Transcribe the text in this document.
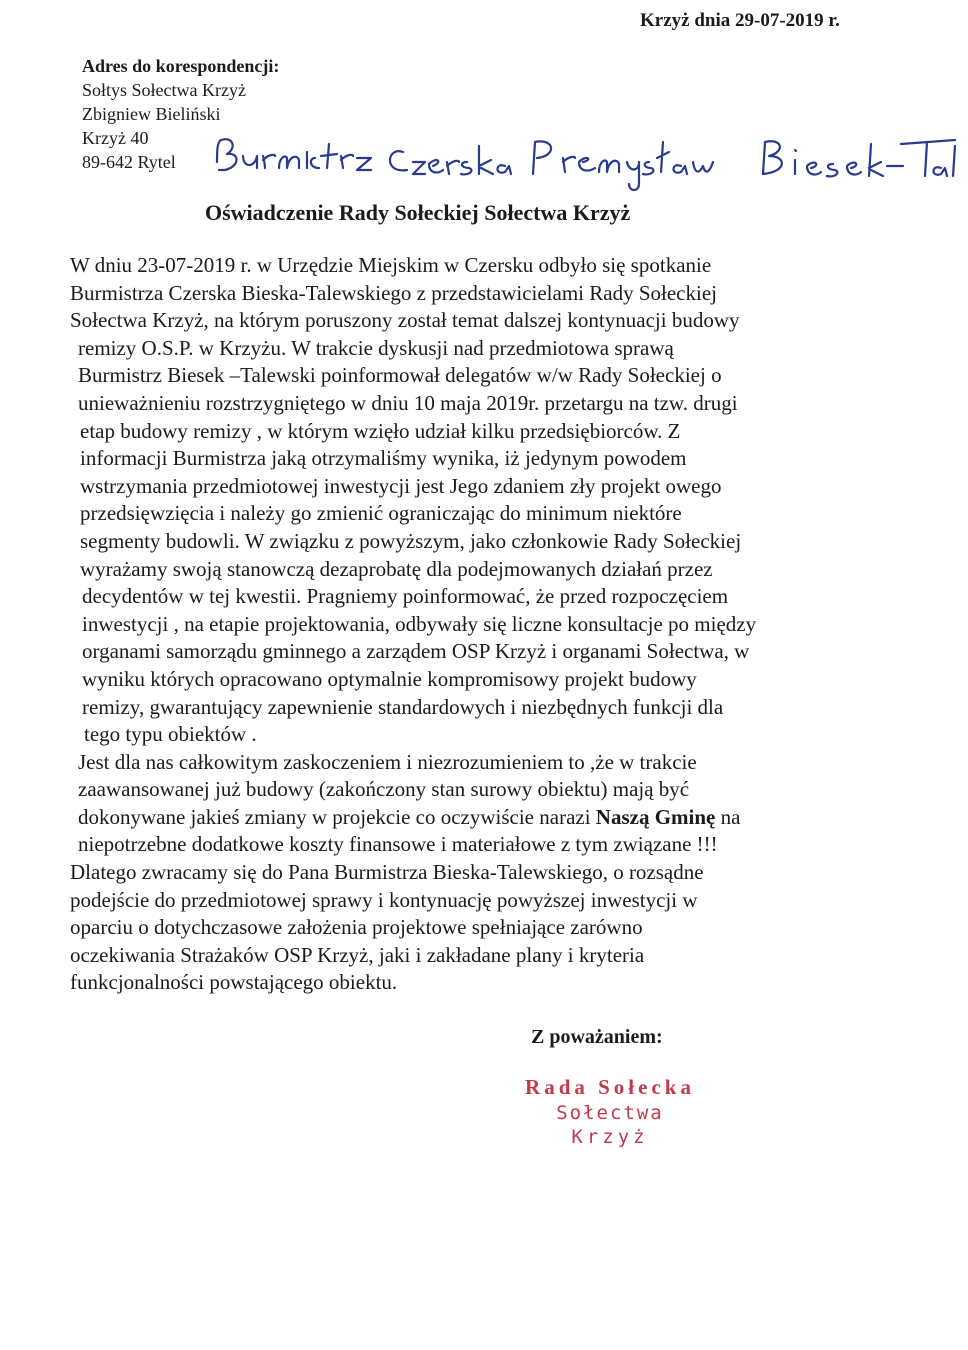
Krzyż dnia 29-07-2019 r.
Adres do korespondencji:
Sołtys Sołectwa Krzyż
Zbigniew Bieliński
Krzyż 40
89-642 Rytel
Oświadczenie Rady Sołeckiej Sołectwa Krzyż
W dniu 23-07-2019 r. w Urzędzie Miejskim w Czersku odbyło się spotkanie
Burmistrza Czerska Bieska-Talewskiego z przedstawicielami Rady Sołeckiej
Sołectwa Krzyż, na którym poruszony został temat dalszej kontynuacji budowy
remizy O.S.P. w Krzyżu. W trakcie dyskusji nad przedmiotowa sprawą
Burmistrz Biesek –Talewski poinformował delegatów w/w Rady Sołeckiej o
unieważnieniu rozstrzygniętego w dniu 10 maja 2019r. przetargu na tzw. drugi
etap budowy remizy , w którym wzięło udział kilku przedsiębiorców. Z
informacji Burmistrza jaką otrzymaliśmy wynika, iż jedynym powodem
wstrzymania przedmiotowej inwestycji jest Jego zdaniem zły projekt owego
przedsięwzięcia i należy go zmienić ograniczając do minimum niektóre
segmenty budowli. W związku z powyższym, jako członkowie Rady Sołeckiej
wyrażamy swoją stanowczą dezaprobatę dla podejmowanych działań przez
decydentów w tej kwestii. Pragniemy poinformować, że przed rozpoczęciem
inwestycji , na etapie projektowania, odbywały się liczne konsultacje po między
organami samorządu gminnego a zarządem OSP Krzyż i organami Sołectwa, w
wyniku których opracowano optymalnie kompromisowy projekt budowy
remizy, gwarantujący zapewnienie standardowych i niezbędnych funkcji dla
tego typu obiektów .
Jest dla nas całkowitym zaskoczeniem i niezrozumieniem to ,że w trakcie
zaawansowanej już budowy (zakończony stan surowy obiektu) mają być
dokonywane jakieś zmiany w projekcie co oczywiście narazi Naszą Gminę na
niepotrzebne dodatkowe koszty finansowe i materiałowe z tym związane !!!
Dlatego zwracamy się do Pana Burmistrza Bieska-Talewskiego, o rozsądne
podejście do przedmiotowej sprawy i kontynuację powyższej inwestycji w
oparciu o dotychczasowe założenia projektowe spełniające zarówno
oczekiwania Strażaków OSP Krzyż, jaki i zakładane plany i kryteria
funkcjonalności powstającego obiektu.
Z poważaniem:
Rada Sołecka
Sołectwa
Krzyż
